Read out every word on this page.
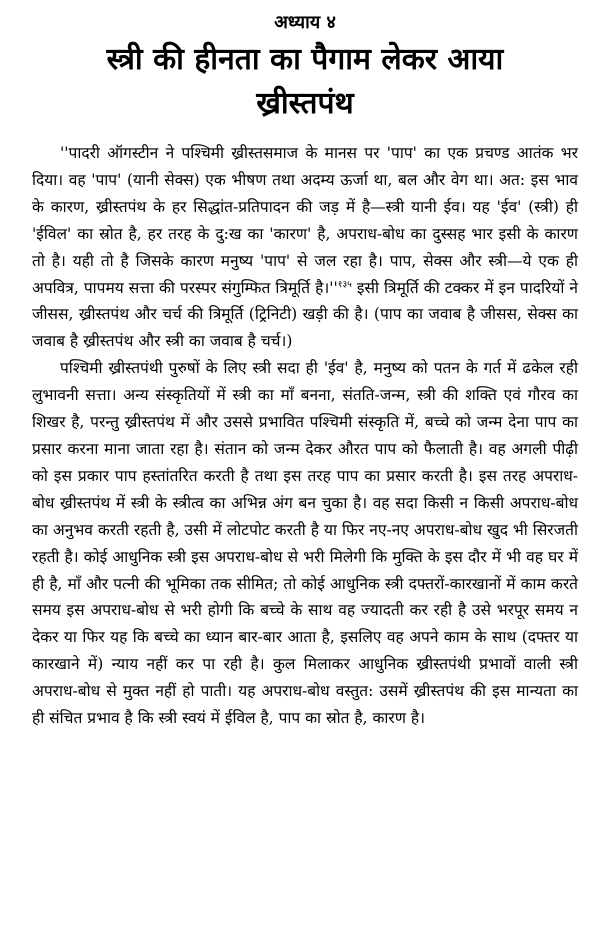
अध्याय ४
स्त्री की हीनता का पैगाम लेकर आया
ख्रीस्तपंथ

''पादरी ऑगस्टीन ने पश्चिमी ख्रीस्तसमाज के मानस पर 'पाप' का एक प्रचण्ड आतंक भर दिया। वह 'पाप' (यानी सेक्स) एक भीषण तथा अदम्य ऊर्जा था, बल और वेग था। अत: इस भाव के कारण, ख्रीस्तपंथ के हर सिद्धांत-प्रतिपादन की जड़ में है—स्त्री यानी ईव। यह 'ईव' (स्त्री) ही 'ईविल' का स्रोत है, हर तरह के दु:ख का 'कारण' है, अपराध-बोध का दुस्सह भार इसी के कारण तो है। यही तो है जिसके कारण मनुष्य 'पाप' से जल रहा है। पाप, सेक्स और स्त्री—ये एक ही अपवित्र, पापमय सत्ता की परस्पर संगुम्फित त्रिमूर्ति $है।''^{१३५}$ इसी त्रिमूर्ति की टक्कर में इन पादरियों ने जीसस, ख्रीस्तपंथ और चर्च की त्रिमूर्ति (ट्रिनिटी) खड़ी की है। (पाप का जवाब है जीसस, सेक्स का जवाब है ख्रीस्तपंथ और स्त्री का जवाब है चर्च।)

पश्चिमी ख्रीस्तपंथी पुरुषों के लिए स्त्री सदा ही 'ईव' है, मनुष्य को पतन के गर्त में ढकेल रही लुभावनी सत्ता। अन्य संस्कृतियों में स्त्री का माँ बनना, संतति-जन्म, स्त्री की शक्ति एवं गौरव का शिखर है, परन्तु ख्रीस्तपंथ में और उससे प्रभावित पश्चिमी संस्कृति में, बच्चे को जन्म देना पाप का प्रसार करना माना जाता रहा है। संतान को जन्म देकर औरत पाप को फैलाती है। वह अगली पीढ़ी को इस प्रकार पाप हस्तांतरित करती है तथा इस तरह पाप का प्रसार करती है। इस तरह अपराध-बोध ख्रीस्तपंथ में स्त्री के स्त्रीत्व का अभिन्न अंग बन चुका है। वह सदा किसी न किसी अपराध-बोध का अनुभव करती रहती है, उसी में लोटपोट करती है या फिर नए-नए अपराध-बोध खुद भी सिरजती रहती है। कोई आधुनिक स्त्री इस अपराध-बोध से भरी मिलेगी कि मुक्ति के इस दौर में भी वह घर में ही है, माँ और पत्नी की भूमिका तक सीमित; तो कोई आधुनिक स्त्री दफ्तरों-कारखानों में काम करते समय इस अपराध-बोध से भरी होगी कि बच्चे के साथ वह ज्यादती कर रही है उसे भरपूर समय न देकर या फिर यह कि बच्चे का ध्यान बार-बार आता है, इसलिए वह अपने काम के साथ (दफ्तर या कारखाने में) न्याय नहीं कर पा रही है। कुल मिलाकर आधुनिक ख्रीस्तपंथी प्रभावों वाली स्त्री अपराध-बोध से मुक्त नहीं हो पाती। यह अपराध-बोध वस्तुत: उसमें ख्रीस्तपंथ की इस मान्यता का ही संचित प्रभाव है कि स्त्री स्वयं में ईविल है, पाप का स्रोत है, कारण है।
